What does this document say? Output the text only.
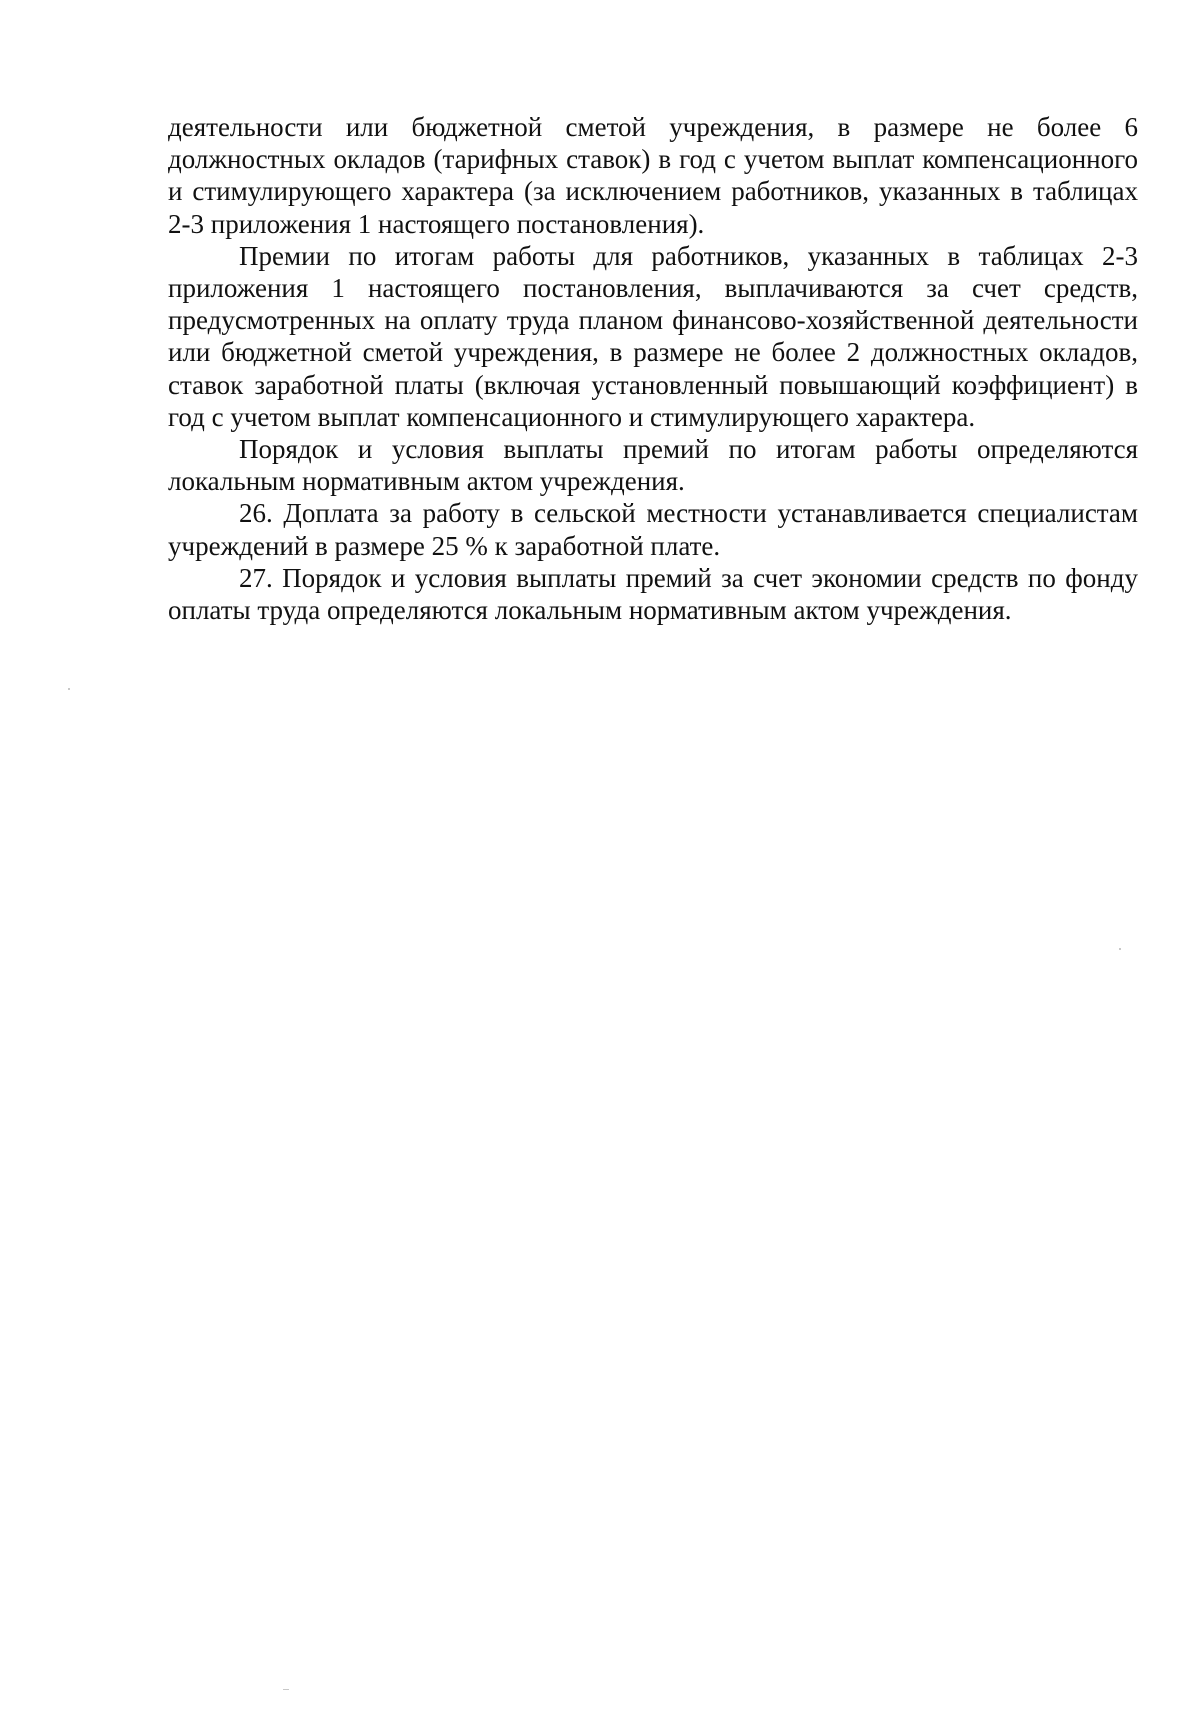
деятельности или бюджетной сметой учреждения, в размере не более 6 должностных окладов (тарифных ставок) в год с учетом выплат компенсационного и стимулирующего характера (за исключением работников, указанных в таблицах 2-3 приложения 1 настоящего постановления).

Премии по итогам работы для работников, указанных в таблицах 2-3 приложения 1 настоящего постановления, выплачиваются за счет средств, предусмотренных на оплату труда планом финансово-хозяйственной деятельности или бюджетной сметой учреждения, в размере не более 2 должностных окладов, ставок заработной платы (включая установленный повышающий коэффициент) в год с учетом выплат компенсационного и стимулирующего характера.

Порядок и условия выплаты премий по итогам работы определяются локальным нормативным актом учреждения.

26. Доплата за работу в сельской местности устанавливается специалистам учреждений в размере 25 % к заработной плате.

27. Порядок и условия выплаты премий за счет экономии средств по фонду оплаты труда определяются локальным нормативным актом учреждения.
